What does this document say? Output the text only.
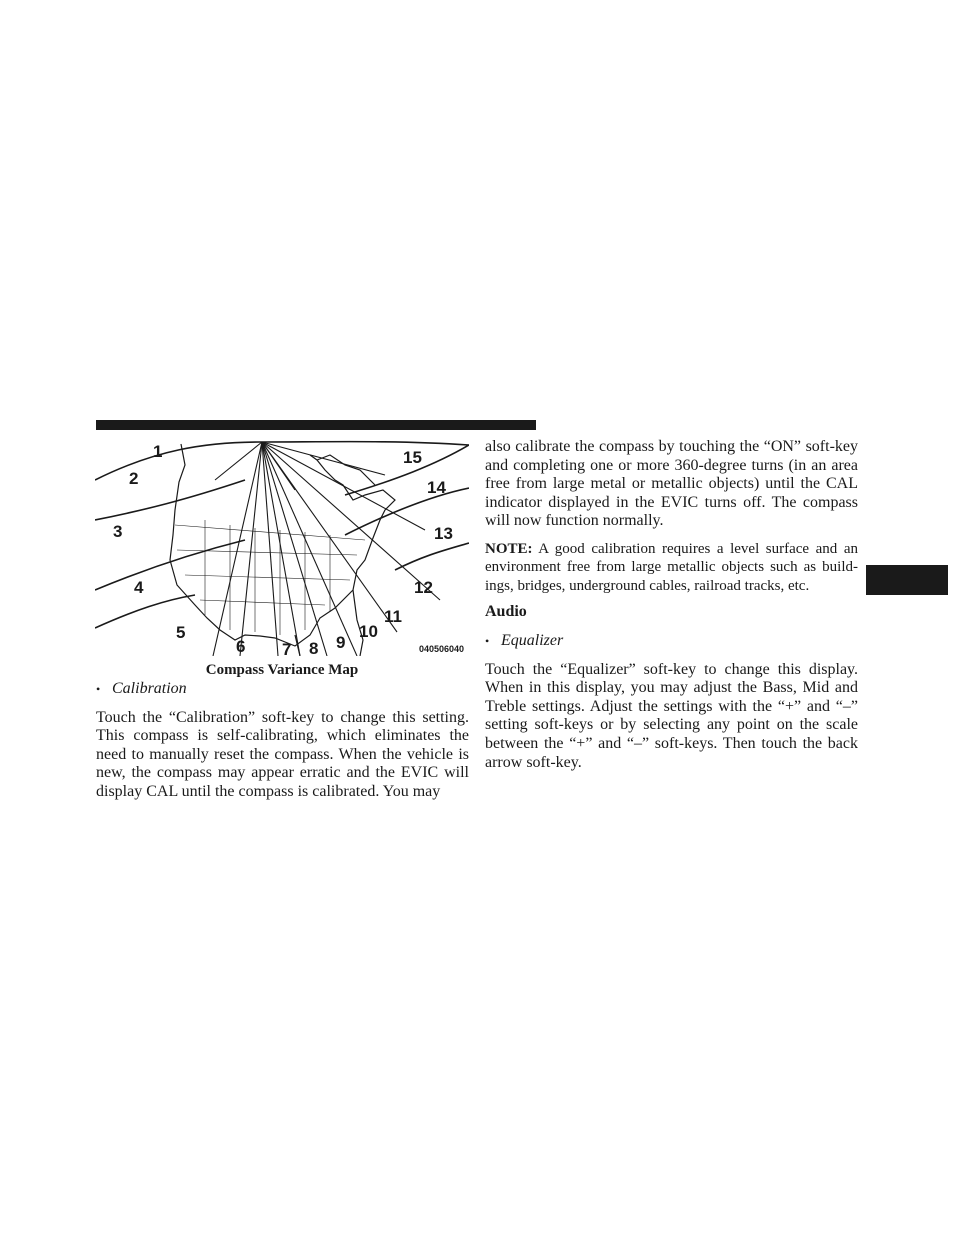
1
2
3
4
5
6 7 8 9
10
11
12
13
14
15
040506040
Compass Variance Map
• Calibration

Touch the “Calibration” soft-key to change this setting. This compass is self-calibrating, which eliminates the need to manually reset the compass. When the vehicle is new, the compass may appear erratic and the EVIC will display CAL until the compass is calibrated. You may

also calibrate the compass by touching the “ON” soft-key and completing one or more 360-degree turns (in an area free from large metal or metallic objects) until the CAL indicator displayed in the EVIC turns off. The compass will now function normally.

NOTE: A good calibration requires a level surface and an environment free from large metallic objects such as build- ings, bridges, underground cables, railroad tracks, etc.

Audio

• Equalizer

Touch the “Equalizer” soft-key to change this display. When in this display, you may adjust the Bass, Mid and Treble settings. Adjust the settings with the “+” and “–” setting soft-keys or by selecting any point on the scale between the “+” and “–” soft-keys. Then touch the back arrow soft-key.
